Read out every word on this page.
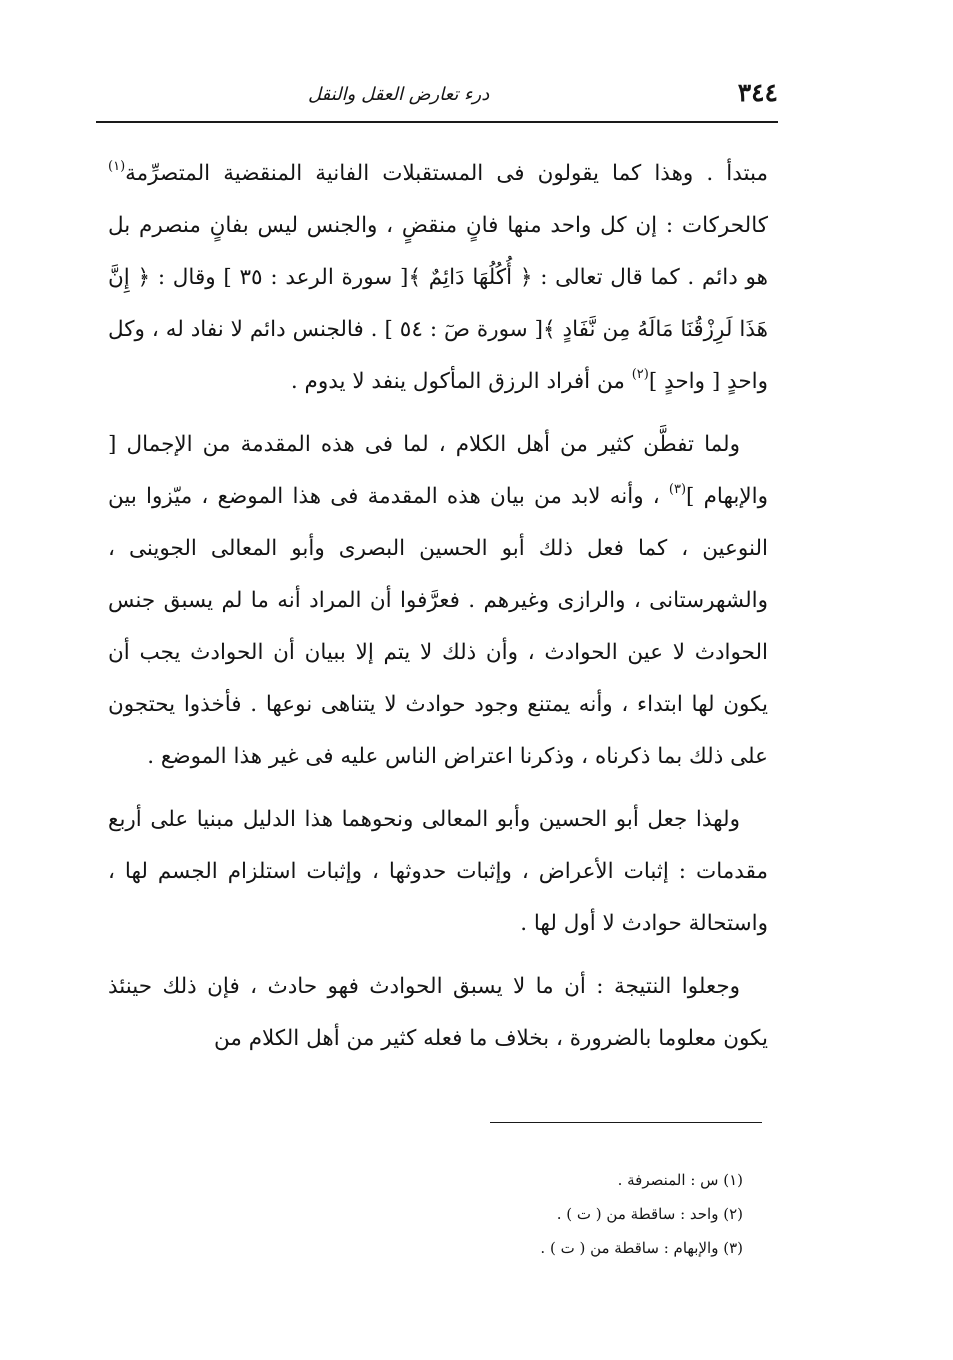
٣٤٤
درء تعارض العقل والنقل

مبتدأ . وهذا كما يقولون فى المستقبلات الفانية المنقضية المتصرِّمة$^{(١)}$ كالحركات : إن كل واحد منها فانٍ منقضٍ ، والجنس ليس بفانٍ منصرم بل هو دائم . كما قال تعالى : ﴿ أُكُلُهَا دَائِمٌ ﴾[ سورة الرعد : ٣٥ ] وقال : ﴿ إِنَّ هَذَا لَرِزْقُنَا مَالَهُ مِن نَّفَادٍ ﴾[ سورة صٓ : ٥٤ ] . فالجنس دائم لا نفاد له ، وكل واحدٍ [ واحدٍ ]$^{(٢)}$ من أفراد الرزق المأكول ينفد لا يدوم .

ولما تفطَّن كثير من أهل الكلام ، لما فى هذه المقدمة من الإجمال [ والإبهام ]$^{(٣)}$ ، وأنه لابد من بيان هذه المقدمة فى هذا الموضع ، ميّزوا بين النوعين ، كما فعل ذلك أبو الحسين البصرى وأبو المعالى الجوينى ، والشهرستانى ، والرازى وغيرهم . فعرَّفوا أن المراد أنه ما لم يسبق جنس الحوادث لا عين الحوادث ، وأن ذلك لا يتم إلا ببيان أن الحوادث يجب أن يكون لها ابتداء ، وأنه يمتنع وجود حوادث لا يتناهى نوعها . فأخذوا يحتجون على ذلك بما ذكرناه ، وذكرنا اعتراض الناس عليه فى غير هذا الموضع .

ولهذا جعل أبو الحسين وأبو المعالى ونحوهما هذا الدليل مبنيا على أربع مقدمات : إثبات الأعراض ، وإثبات حدوثها ، وإثبات استلزام الجسم لها ، واستحالة حوادث لا أول لها .

وجعلوا النتيجة : أن ما لا يسبق الحوادث فهو حادث ، فإن ذلك حينئذ يكون معلوما بالضرورة ، بخلاف ما فعله كثير من أهل الكلام من

(١) س : المنصرفة .
(٢) واحد : ساقطة من ( ت ) .
(٣) والإبهام : ساقطة من ( ت ) .
